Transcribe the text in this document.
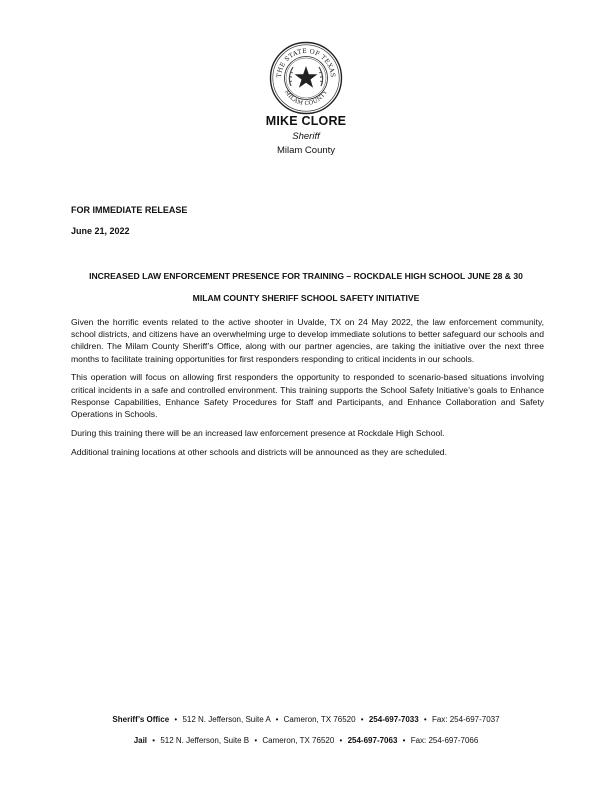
THE STATE OF TEXAS
MILAM COUNTY
MIKE CLORE
Sheriff
Milam County
FOR IMMEDIATE RELEASE
June 21, 2022
INCREASED LAW ENFORCEMENT PRESENCE FOR TRAINING – ROCKDALE HIGH SCHOOL JUNE 28 & 30
MILAM COUNTY SHERIFF SCHOOL SAFETY INITIATIVE

Given the horrific events related to the active shooter in Uvalde, TX on 24 May 2022, the law enforcement community, school districts, and citizens have an overwhelming urge to develop immediate solutions to better safeguard our schools and children. The Milam County Sheriff’s Office, along with our partner agencies, are taking the initiative over the next three months to facilitate training opportunities for first responders responding to critical incidents in our schools.

This operation will focus on allowing first responders the opportunity to responded to scenario-based situations involving critical incidents in a safe and controlled environment. This training supports the School Safety Initiative’s goals to Enhance Response Capabilities, Enhance Safety Procedures for Staff and Participants, and Enhance Collaboration and Safety Operations in Schools.

During this training there will be an increased law enforcement presence at Rockdale High School.

Additional training locations at other schools and districts will be announced as they are scheduled.

Sheriff’s Office • 512 N. Jefferson, Suite A • Cameron, TX 76520 • 254-697-7033 • Fax: 254-697-7037
Jail • 512 N. Jefferson, Suite B • Cameron, TX 76520 • 254-697-7063 • Fax: 254-697-7066
